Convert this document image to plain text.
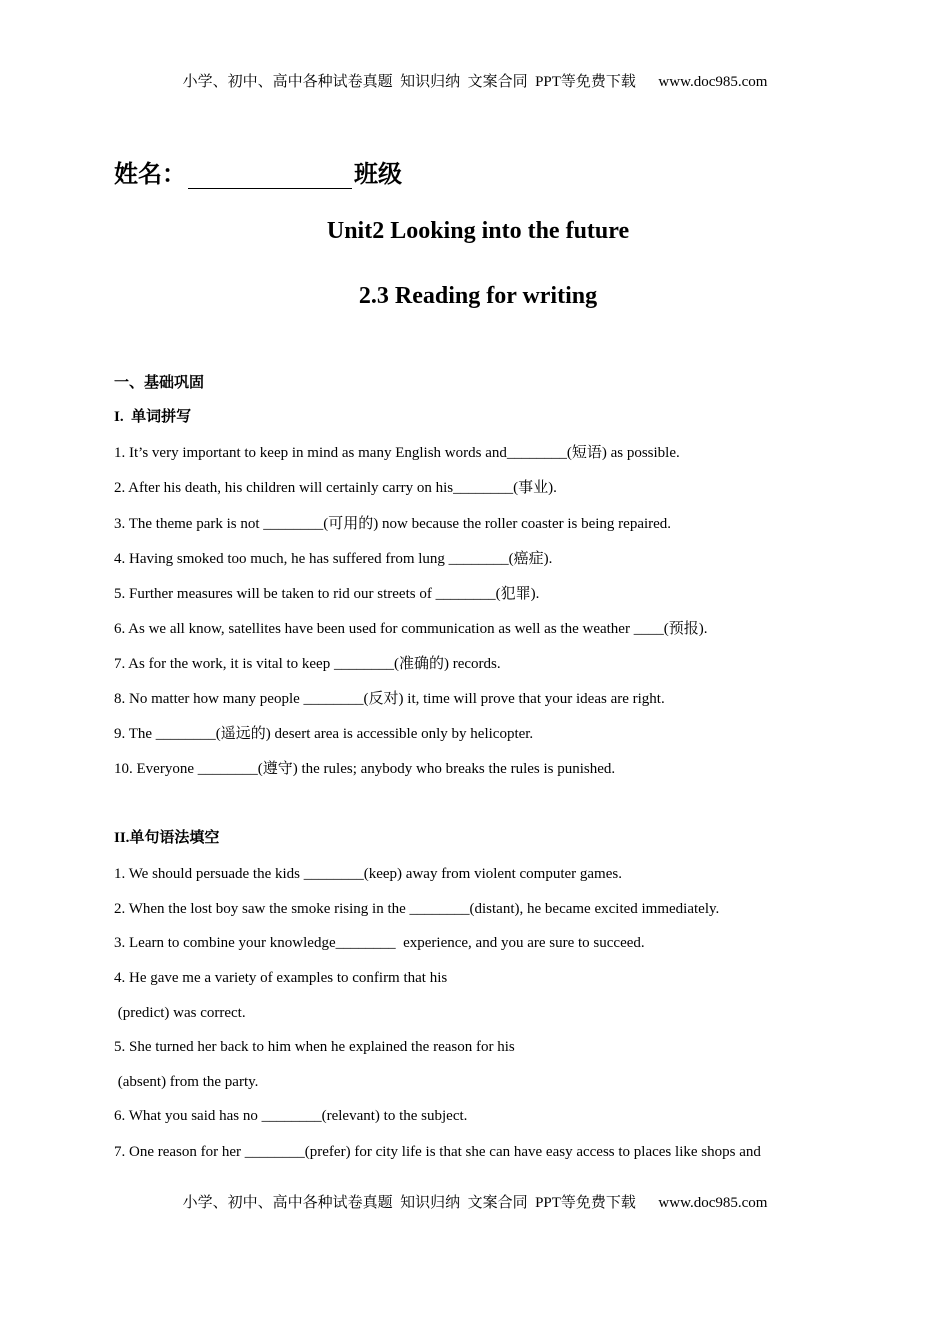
小学、初中、高中各种试卷真题  知识归纳  文案合同  PPT等免费下载 www.doc985.com
姓名：	班级
Unit2 Looking into the future
2.3 Reading for writing
一、基础巩固
I.  单词拼写
1. It’s very important to keep in mind as many English words and________(短语) as possible.
2. After his death, his children will certainly carry on his________(事业).
3. The theme park is not ________(可用的) now because the roller coaster is being repaired.
4. Having smoked too much, he has suffered from lung ________(癌症).
5. Further measures will be taken to rid our streets of ________(犯罪).
6. As we all know, satellites have been used for communication as well as the weather ____(预报).
7. As for the work, it is vital to keep ________(准确的) records.
8. No matter how many people ________(反对) it, time will prove that your ideas are right.
9. The ________(遥远的) desert area is accessible only by helicopter.
10. Everyone ________(遵守) the rules; anybody who breaks the rules is punished.
II.单句语法填空
1. We should persuade the kids ________(keep) away from violent computer games.
2. When the lost boy saw the smoke rising in the ________(distant), he became excited immediately.
3. Learn to combine your knowledge________  experience, and you are sure to succeed.
4. He gave me a variety of examples to confirm that his
(predict) was correct.
5. She turned her back to him when he explained the reason for his
(absent) from the party.
6. What you said has no ________(relevant) to the subject.
7. One reason for her ________(prefer) for city life is that she can have easy access to places like shops and
小学、初中、高中各种试卷真题  知识归纳  文案合同  PPT等免费下载 www.doc985.com
